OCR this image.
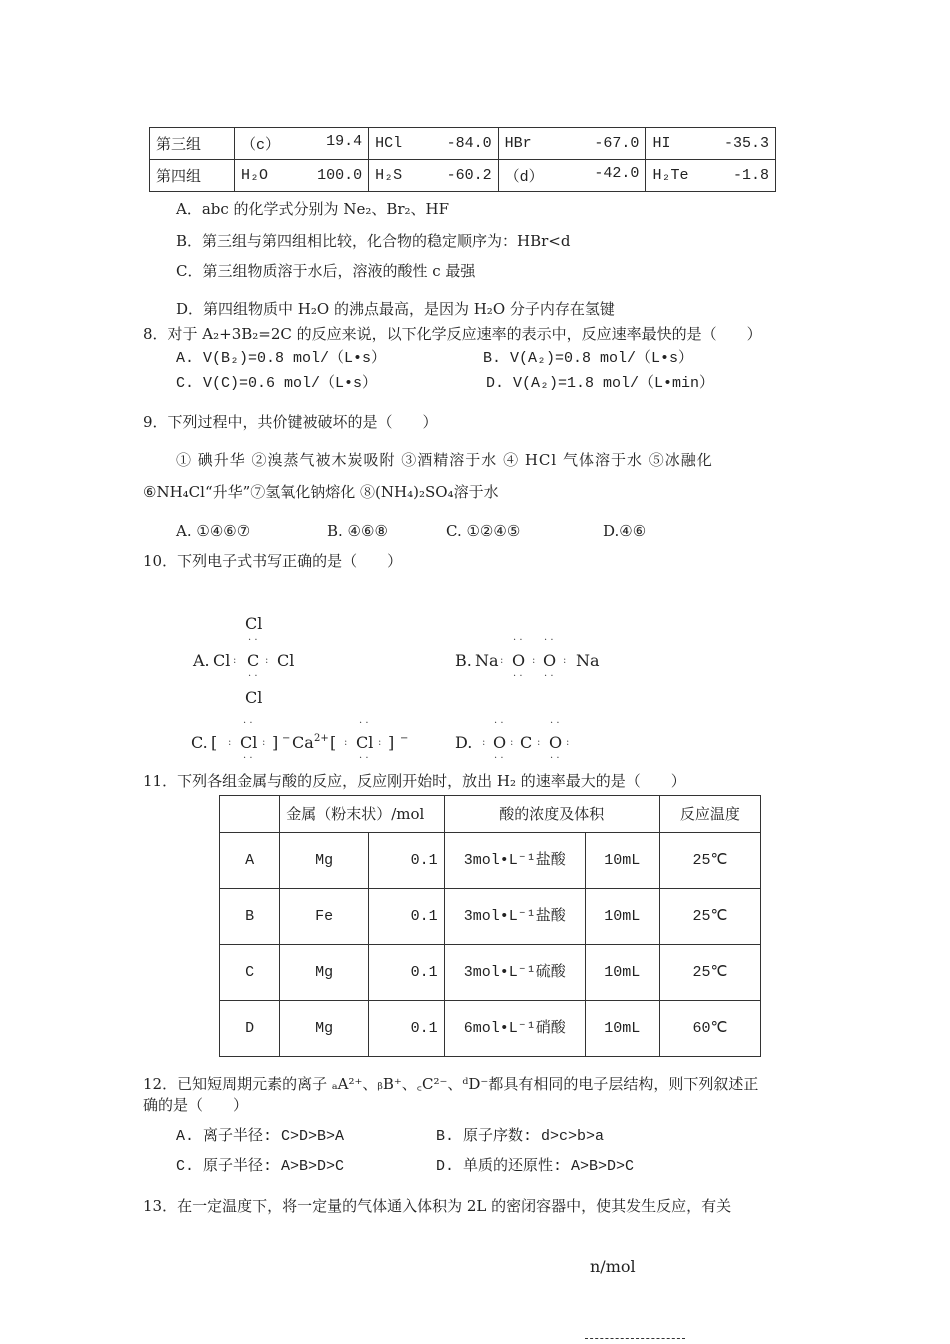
第三组	（c） 19.4	HCl -84.0	HBr -67.0	HI -35.3

第四组	H₂O 100.0	H₂S -60.2	（d） -42.0	H₂Te -1.8
A．abc 的化学式分别为 Ne₂、Br₂、HF
B．第三组与第四组相比较，化合物的稳定顺序为：HBr<d
C．第三组物质溶于水后，溶液的酸性 c 最强
D．第四组物质中 H₂O 的沸点最高，是因为 H₂O 分子内存在氢键
8．对于 A₂+3B₂=2C 的反应来说，以下化学反应速率的表示中，反应速率最快的是（　　）
A. V(B₂)=0.8 mol/（L•s）	B. V(A₂)=0.8 mol/（L•s）
C. V(C)=0.6 mol/（L•s）	D. V(A₂)=1.8 mol/（L•min）
9．下列过程中，共价键被破坏的是（　　）
① 碘升华 ②溴蒸气被木炭吸附 ③酒精溶于水 ④ HCl 气体溶于水 ⑤冰融化
⑥NH₄Cl“升华”⑦氢氧化钠熔化 ⑧(NH₄)₂SO₄溶于水
A. ①④⑥⑦	B. ④⑥⑧	C. ①②④⑤	D.④⑥
10．下列电子式书写正确的是（　　）
A.
Cl
Cl C Cl
Cl
· ·
· ·
:	:	B. Na O O Na
· · · ·
· · · ·
:	:	:
C. [ Cl ] − Ca 2+ [ Cl ] −
· ·
· ·
· ·
· ·
:	:	:	:	D. O C O
· ·	· ·
· ·	· ·
: : :	:
11．下列各组金属与酸的反应，反应刚开始时，放出 H₂ 的速率最大的是（　　）
	金属（粉末状）/mol		酸的浓度及体积		反应温度
A	Mg	0.1	3mol•L⁻¹盐酸	10mL	25℃
B	Fe	0.1	3mol•L⁻¹盐酸	10mL	25℃
C	Mg	0.1	3mol•L⁻¹硫酸	10mL	25℃
D	Mg	0.1	6mol•L⁻¹硝酸	10mL	60℃
12．已知短周期元素的离子 ₐA²⁺、ᵦB⁺、꜀C²⁻、ᵈD⁻都具有相同的电子层结构，则下列叙述正
确的是（　　）
A. 离子半径: C>D>B>A	B. 原子序数: d>c>b>a
C. 原子半径: A>B>D>C	D. 单质的还原性: A>B>D>C
13．在一定温度下，将一定量的气体通入体积为 2L 的密闭容器中，使其发生反应，有关
n/mol
